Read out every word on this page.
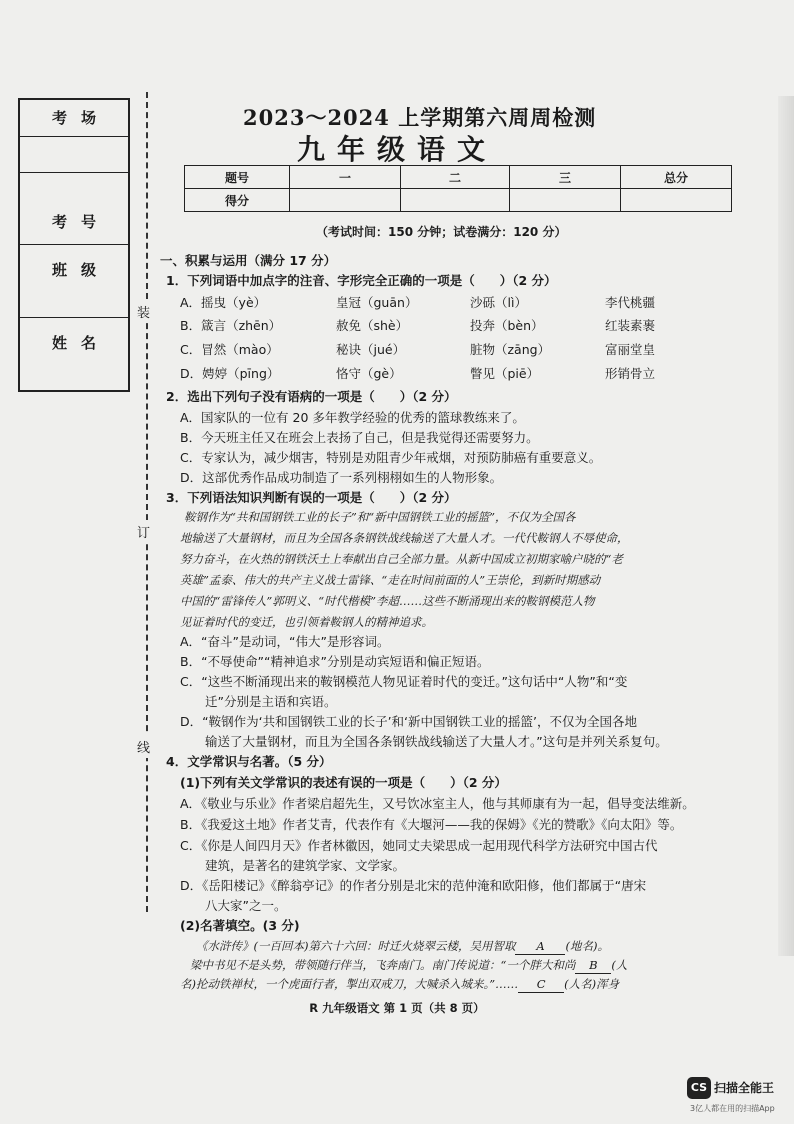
考场
考号
班级
姓名
装
订
线
2023～2024 上学期第六周周检测
九年级语文
题号	一	二	三	总分
得分				
（考试时间：150 分钟；试卷满分：120 分）
一、积累与运用（满分 17 分）
1．下列词语中加点字的注音、字形完全正确的一项是（　　）（2 分）
A．摇曳（yè）	皇冠（guān）	沙砾（lì）	李代桃疆
B．箴言（zhēn）	赦免（shè）	投奔（bèn）	红装素裹
C．冒然（mào）	秘诀（jué）	脏物（zāng）	富丽堂皇
D．娉婷（pīng）	恪守（gè）	瞥见（piē）	形销骨立
2．选出下列句子没有语病的一项是（　　）（2 分）
A．国家队的一位有 20 多年教学经验的优秀的篮球教练来了。
B．今天班主任又在班会上表扬了自己，但是我觉得还需要努力。
C．专家认为，减少烟害，特别是劝阻青少年戒烟，对预防肺癌有重要意义。
D．这部优秀作品成功制造了一系列栩栩如生的人物形象。
3．下列语法知识判断有误的一项是（　　）（2 分）
鞍钢作为“共和国钢铁工业的长子”和“新中国钢铁工业的摇篮”，不仅为全国各
地输送了大量钢材，而且为全国各条钢铁战线输送了大量人才。一代代鞍钢人不辱使命，
努力奋斗，在火热的钢铁沃土上奉献出自己全部力量。从新中国成立初期家喻户晓的“老
英雄”孟泰、伟大的共产主义战士雷锋、“走在时间前面的人”王崇伦，到新时期感动
中国的“雷锋传人”郭明义、“时代楷模”李超……这些不断涌现出来的鞍钢模范人物
见证着时代的变迁，也引领着鞍钢人的精神追求。
A．“奋斗”是动词，“伟大”是形容词。
B．“不辱使命”“精神追求”分别是动宾短语和偏正短语。
C．“这些不断涌现出来的鞍钢模范人物见证着时代的变迁。”这句话中“人物”和“变
　　迁”分别是主语和宾语。
D．“鞍钢作为‘共和国钢铁工业的长子’和‘新中国钢铁工业的摇篮’，不仅为全国各地
　　输送了大量钢材，而且为全国各条钢铁战线输送了大量人才。”这句是并列关系复句。
4．文学常识与名著。（5 分）
(1)下列有关文学常识的表述有误的一项是（　　）（2 分）
A．《敬业与乐业》作者梁启超先生，又号饮冰室主人，他与其师康有为一起，倡导变法维新。
B．《我爱这土地》作者艾青，代表作有《大堰河——我的保姆》《光的赞歌》《向太阳》等。
C．《你是人间四月天》作者林徽因，她同丈夫梁思成一起用现代科学方法研究中国古代
　　建筑，是著名的建筑学家、文学家。
D．《岳阳楼记》《醉翁亭记》的作者分别是北宋的范仲淹和欧阳修，他们都属于“唐宋
　　八大家”之一。
(2)名著填空。(3 分)
《水浒传》(一百回本)第六十六回：时迁火烧翠云楼，吴用智取 A (地名)。
梁中书见不是头势，带领随行伴当，飞奔南门。南门传说道：“一个胖大和尚 B (人
R 九年级语文 第 1 页（共 8 页）
CS 扫描全能王
3亿人都在用的扫描App
名)抡动铁禅杖，一个虎面行者，掣出双戒刀，大喊杀入城来。”…… C (人名)浑身
